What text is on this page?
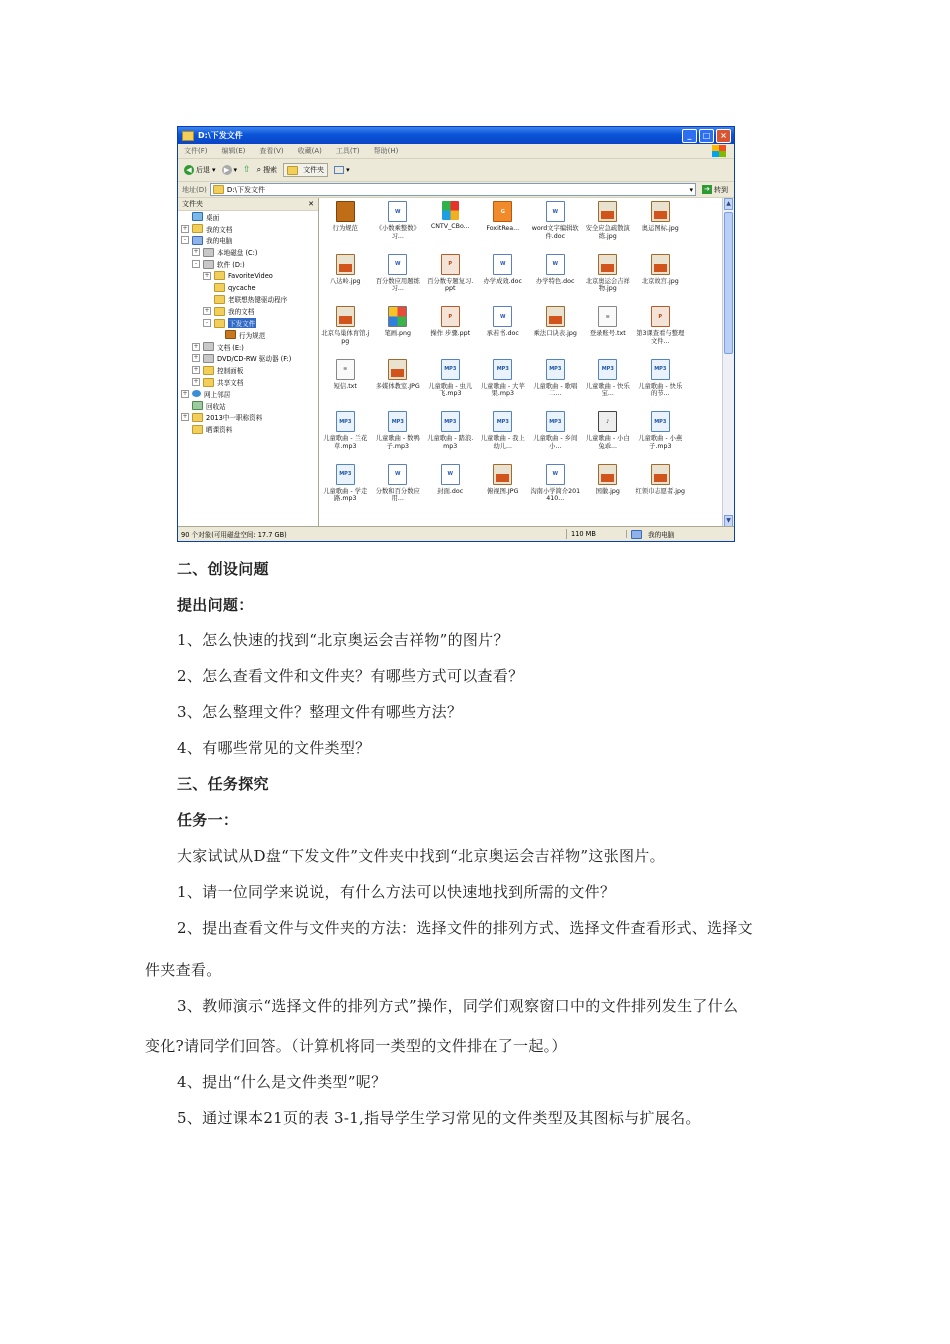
D:\下发文件	_	□	×
文件(F) 编辑(E) 查看(V) 收藏(A) 工具(T) 帮助(H)
◀ 后退 ▾	▶ ▾ ⇧ ⌕ 搜索	文件夹	▾
地址(D)	D:\下发文件	▾ ➔ 转到
文件夹	✕
桌面
+	我的文档
-	我的电脑
+	本地磁盘 (C:)
-	软件 (D:)
+	FavoriteVideo
qycache
老联想热键驱动程序
+	我的文档
-	下发文件
行为规范
+	文档 (E:)
+	DVD/CD-RW 驱动器 (F:)
+	控制面板
+	共享文档
+ 网上邻居
回收站
+	2013中一职称资料
晒课资料
行为规范
W
《小数乘整数》习...
CNTV_CBo...
G
FoxitRea...
W
word文字编辑软件.doc
安全应急疏散演练.jpg
奥运图标.jpg
八达岭.jpg
W
百分数应用题练习...
P
百分数专题复习.ppt
W
办学成效.doc
W
办学特色.doc	北京奥运会吉祥物.jpg
北京故宫.jpg
北京鸟巢体育馆.jpg
笔画.png
P
操作 步骤.ppt
W
承若书.doc	乘法口诀表.jpg
≡
登录账号.txt
P
第3课查看与整理文件...
≡
短信.txt	多媒体教室.JPG
MP3
儿童歌曲 - 虫儿飞.mp3
MP3
儿童歌曲 - 大苹果.mp3
MP3
儿童歌曲 - 歌唱二...
MP3
儿童歌曲 - 快乐宝...
MP3
儿童歌曲 - 快乐的节...
MP3
儿童歌曲 - 兰花草.mp3
MP3
儿童歌曲 - 数鸭子.mp3
MP3
儿童歌曲 - 踏浪.mp3
MP3
儿童歌曲 - 我上幼儿...
MP3
儿童歌曲 - 乡间小...
♪
儿童歌曲 - 小白兔乖...
MP3
儿童歌曲 - 小燕子.mp3
MP3
儿童歌曲 - 学走路.mp3
W
分数和百分数应用...
W
封面.doc	俯视图.JPG
W
沟南小学简介201410...
国徽.jpg	红领巾志愿者.jpg
▲
▼
90 个对象(可用磁盘空间: 17.7 GB)	110 MB	我的电脑
二、创设问题
提出问题：
1、怎么快速的找到“北京奥运会吉祥物”的图片？
2、怎么查看文件和文件夹？有哪些方式可以查看？
3、怎么整理文件？整理文件有哪些方法？
4、有哪些常见的文件类型？
三、任务探究
任务一：
大家试试从D盘“下发文件”文件夹中找到“北京奥运会吉祥物”这张图片。
1、请一位同学来说说，有什么方法可以快速地找到所需的文件？
2、提出查看文件与文件夹的方法：选择文件的排列方式、选择文件查看形式、选择文
件夹查看。
3、教师演示“选择文件的排列方式”操作，同学们观察窗口中的文件排列发生了什么
变化?请同学们回答。（计算机将同一类型的文件排在了一起。）
4、提出“什么是文件类型”呢？
5、通过课本21页的表 3-1,指导学生学习常见的文件类型及其图标与扩展名。
